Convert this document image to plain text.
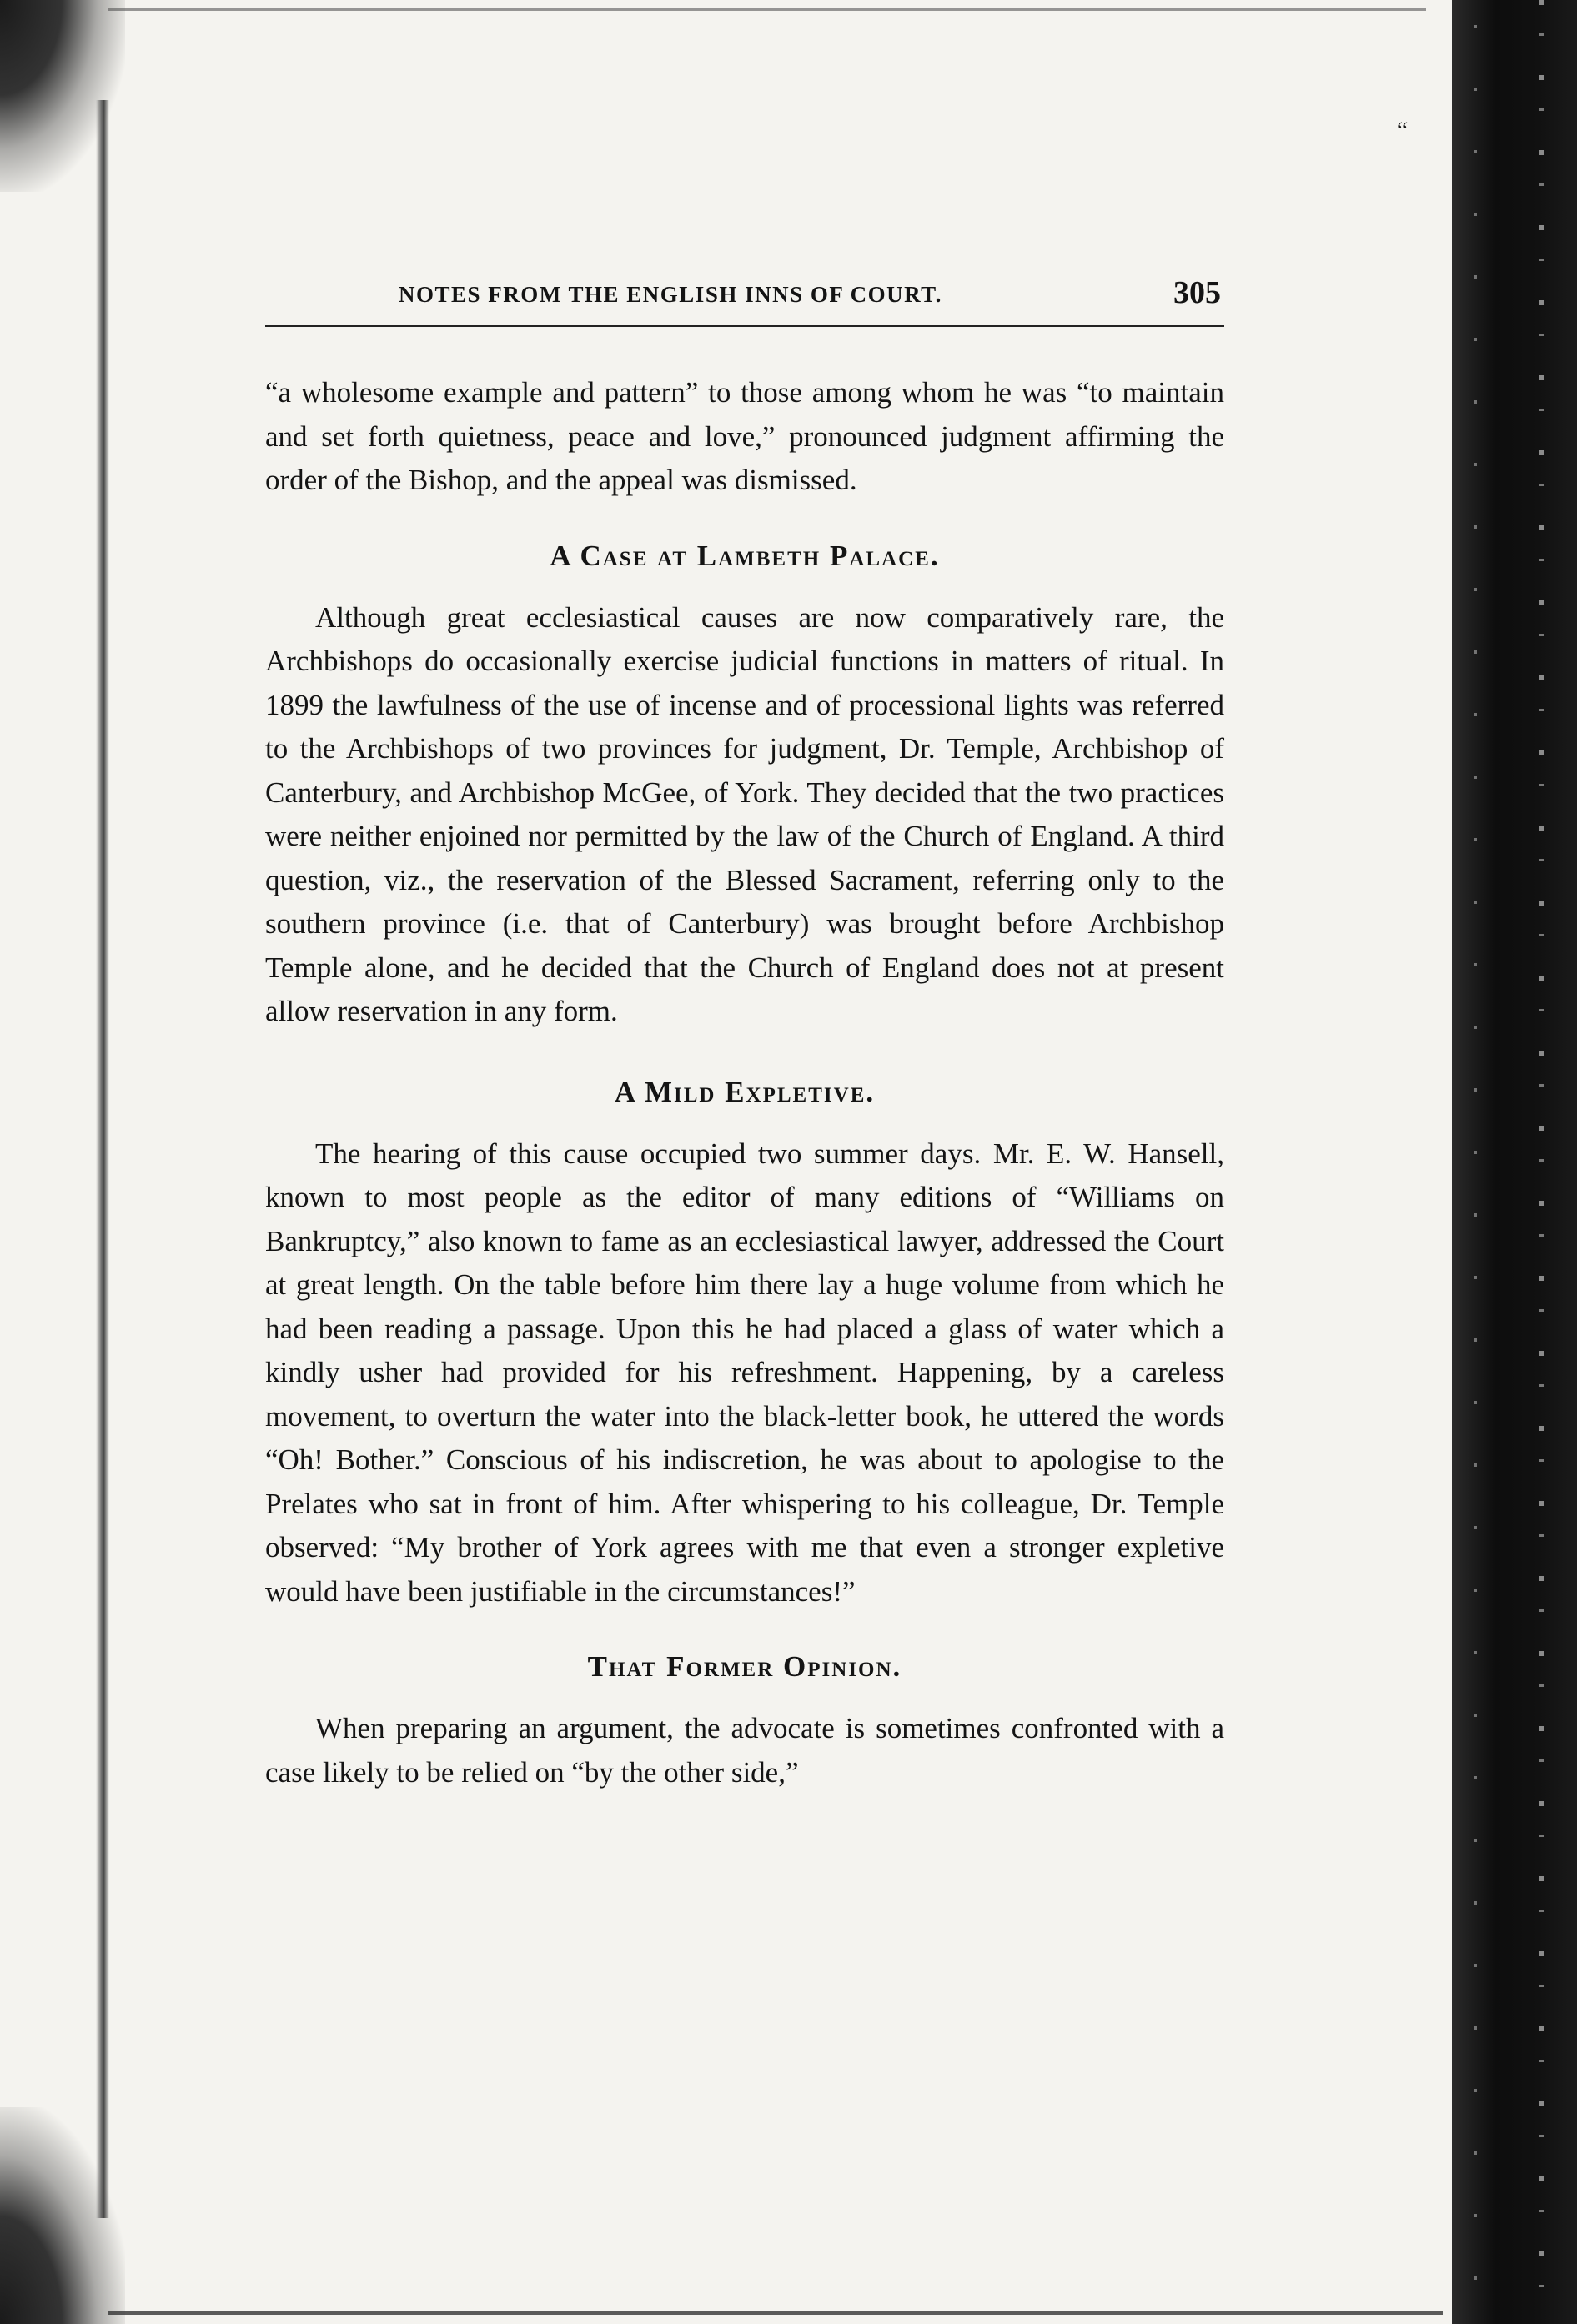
“
NOTES FROM THE ENGLISH INNS OF COURT.	305

“a wholesome example and pattern” to those among whom he was “to maintain and set forth quietness, peace and love,” pronounced judgment affirming the order of the Bishop, and the appeal was dismissed.

A Case at Lambeth Palace.

Although great ecclesiastical causes are now comparatively rare, the Archbishops do occasionally exercise judicial functions in matters of ritual. In 1899 the lawfulness of the use of incense and of processional lights was referred to the Archbishops of two provinces for judgment, Dr. Temple, Archbishop of Canterbury, and Archbishop McGee, of York. They decided that the two practices were neither enjoined nor permitted by the law of the Church of England. A third question, viz., the reservation of the Blessed Sacrament, referring only to the southern province (i.e. that of Canterbury) was brought before Archbishop Temple alone, and he decided that the Church of England does not at present allow reservation in any form.

A Mild Expletive.

The hearing of this cause occupied two summer days. Mr. E. W. Hansell, known to most people as the editor of many editions of “Williams on Bankruptcy,” also known to fame as an ecclesiastical lawyer, addressed the Court at great length. On the table before him there lay a huge volume from which he had been reading a passage. Upon this he had placed a glass of water which a kindly usher had provided for his refreshment. Happening, by a careless movement, to overturn the water into the black-letter book, he uttered the words “Oh! Bother.” Conscious of his indiscretion, he was about to apologise to the Prelates who sat in front of him. After whispering to his colleague, Dr. Temple observed: “My brother of York agrees with me that even a stronger expletive would have been justifiable in the circumstances!”

That Former Opinion.

When preparing an argument, the advocate is sometimes confronted with a case likely to be relied on “by the other side,”
